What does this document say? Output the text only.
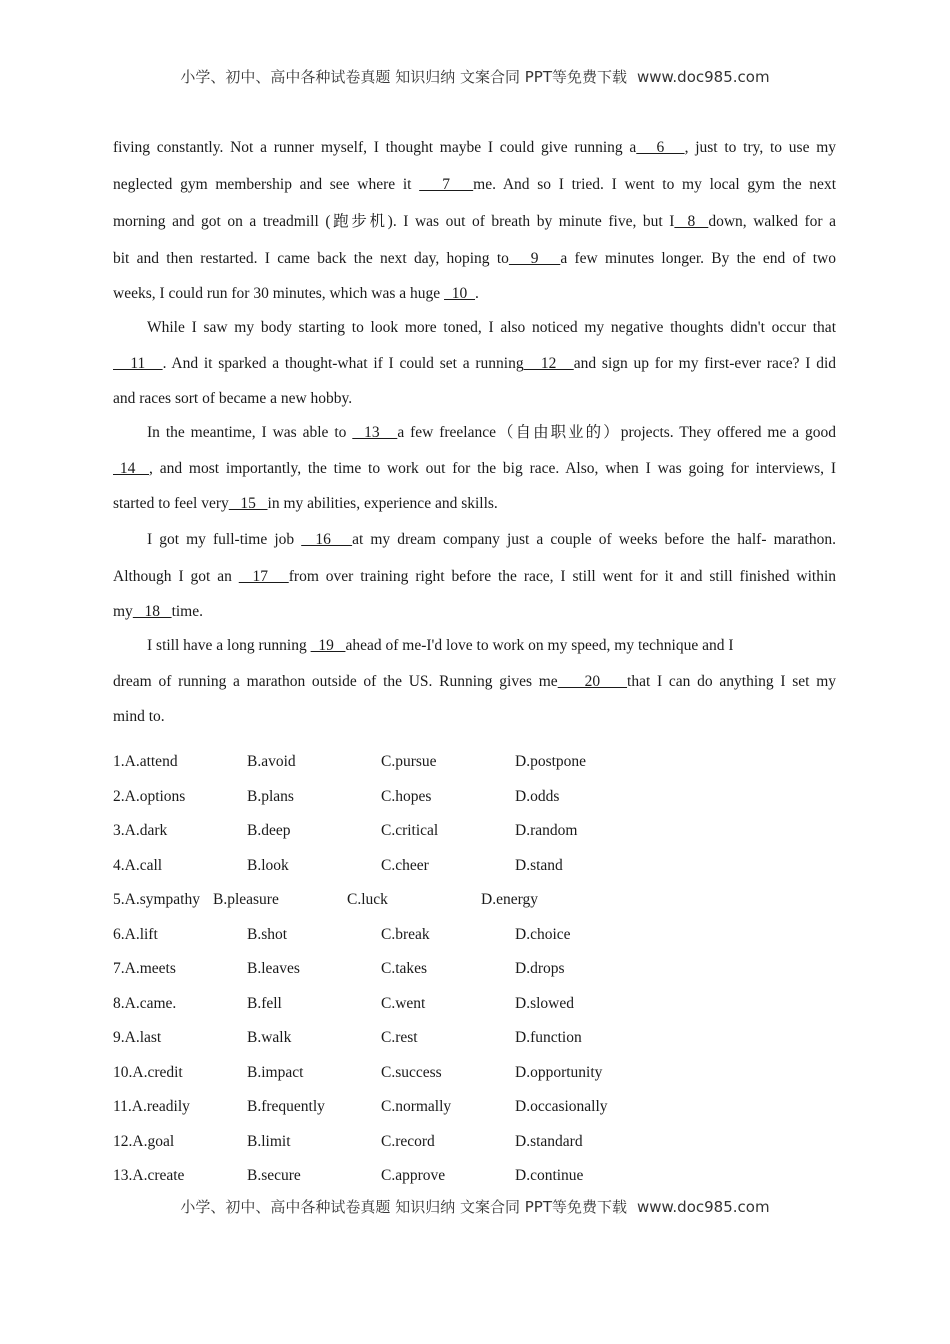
小学、初中、高中各种试卷真题 知识归纳 文案合同 PPT等免费下载 www.doc985.com
fiving constantly. Not a runner myself, I thought maybe I could give running a   6   , just to try, to use my
neglected gym membership and see where it    7   me. And so I tried. I went to my local gym the next
morning and got on a treadmill (跑步机). I was out of breath by minute five, but I  8  down, walked for a
bit and then restarted. I came back the next day, hoping to   9   a few minutes longer. By the end of two
weeks, I could run for 30 minutes, which was a huge   10  .
While I saw my body starting to look more toned, I also noticed my negative thoughts didn't occur that
11   . And it sparked a thought-what if I could set a running   12   and sign up for my first-ever race? I did
and races sort of became a new hobby.
In the meantime, I was able to   13   a few freelance（自由职业的）projects. They offered me a good
14  , and most importantly, the time to work out for the big race. Also, when I was going for interviews, I
started to feel very   15   in my abilities, experience and skills.
I got my full-time job   16   at my dream company just a couple of weeks before the half- marathon.
Although I got an   17   from over training right before the race, I still went for it and still finished within
my   18   time.
I still have a long running   19   ahead of me-I'd love to work on my speed, my technique and I
dream of running a marathon outside of the US. Running gives me    20    that I can do anything I set my
mind to.
1.A.attend	B.avoid	C.pursue	D.postpone
2.A.options	B.plans	C.hopes	D.odds
3.A.dark	B.deep	C.critical	D.random
4.A.call	B.look	C.cheer	D.stand
5.A.sympathy B.pleasure	C.luck	D.energy
6.A.lift	B.shot	C.break	D.choice
7.A.meets	B.leaves	C.takes	D.drops
8.A.came.	B.fell	C.went	D.slowed
9.A.last	B.walk	C.rest	D.function
10.A.credit	B.impact	C.success	D.opportunity
11.A.readily	B.frequently	C.normally	D.occasionally
12.A.goal	B.limit	C.record	D.standard
13.A.create	B.secure	C.approve	D.continue
小学、初中、高中各种试卷真题 知识归纳 文案合同 PPT等免费下载 www.doc985.com
